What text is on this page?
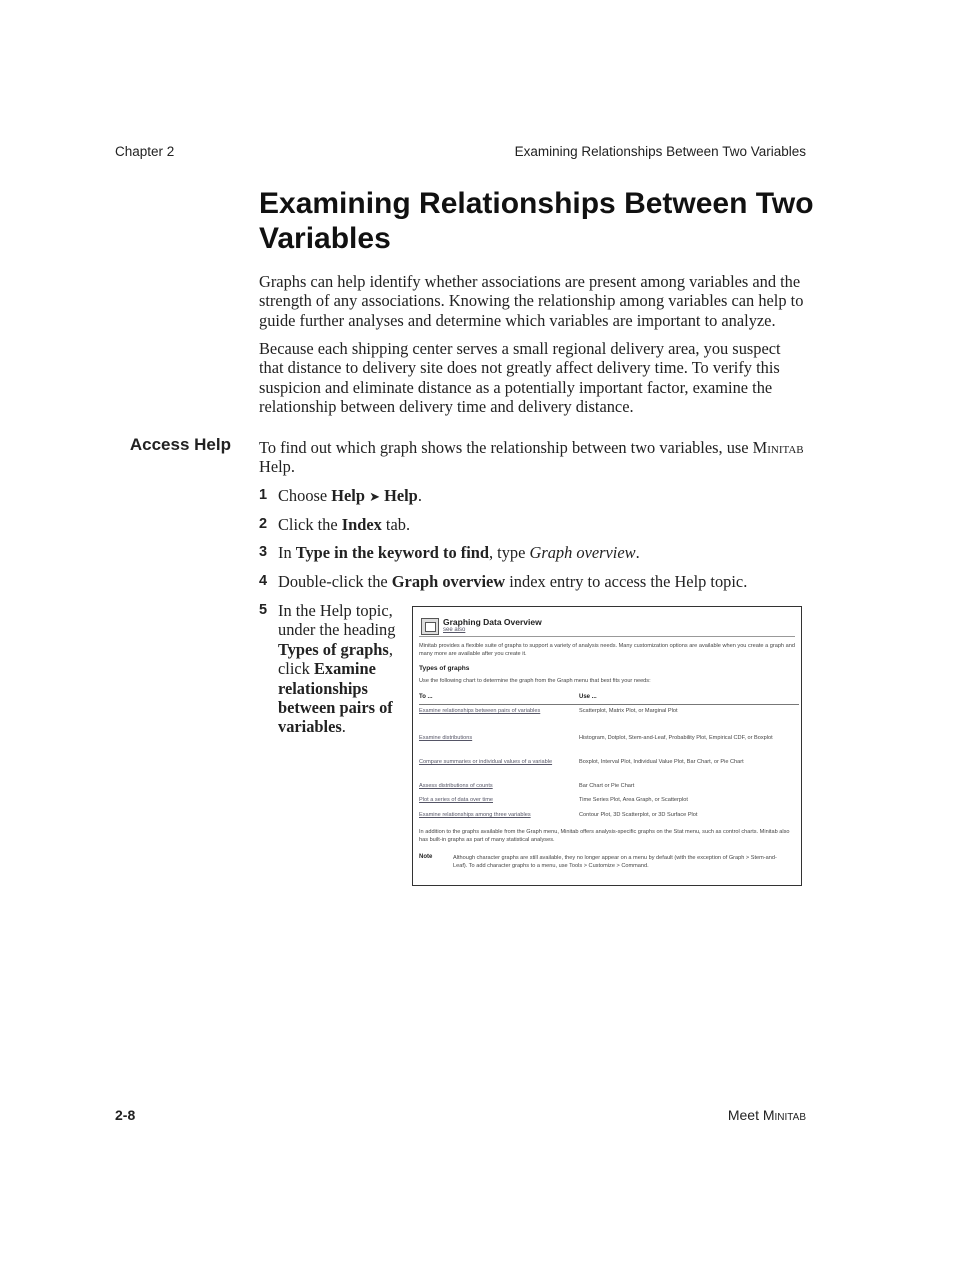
Chapter 2	Examining Relationships Between Two Variables
Examining Relationships Between Two Variables

Graphs can help identify whether associations are present among variables and the strength of any associations. Knowing the relationship among variables can help to guide further analyses and determine which variables are important to analyze.

Because each shipping center serves a small regional delivery area, you suspect that distance to delivery site does not greatly affect delivery time. To verify this suspicion and eliminate distance as a potentially important factor, examine the relationship between delivery time and delivery distance.

Access Help To find out which graph shows the relationship between two variables, use Minitab Help.

1 Choose Help ➤ Help.
2 Click the Index tab.
3 In Type in the keyword to find, type Graph overview.
4 Double-click the Graph overview index entry to access the Help topic.
5 In the Help topic, under the heading Types of graphs, click Examine relationships between pairs of variables.
Graphing Data Overview
see also
Minitab provides a flexible suite of graphs to support a variety of analysis needs. Many customization options are available when you create a graph and many more are available after you create it.
Types of graphs
Use the following chart to determine the graph from the Graph menu that best fits your needs:
To ...	Use ...
Examine relationships between pairs of variables	Scatterplot, Matrix Plot, or Marginal Plot
Examine distributions	Histogram, Dotplot, Stem-and-Leaf, Probability Plot, Empirical CDF, or Boxplot
Compare summaries or individual values of a variable	Boxplot, Interval Plot, Individual Value Plot, Bar Chart, or Pie Chart
Assess distributions of counts	Bar Chart or Pie Chart
Plot a series of data over time	Time Series Plot, Area Graph, or Scatterplot
Examine relationships among three variables	Contour Plot, 3D Scatterplot, or 3D Surface Plot
In addition to the graphs available from the Graph menu, Minitab offers analysis-specific graphs on the Stat menu, such as control charts. Minitab also has built-in graphs as part of many statistical analyses.
Note	Although character graphs are still available, they no longer appear on a menu by default (with the exception of Graph > Stem-and-Leaf). To add character graphs to a menu, use Tools > Customize > Command.
2-8	Meet Minitab
